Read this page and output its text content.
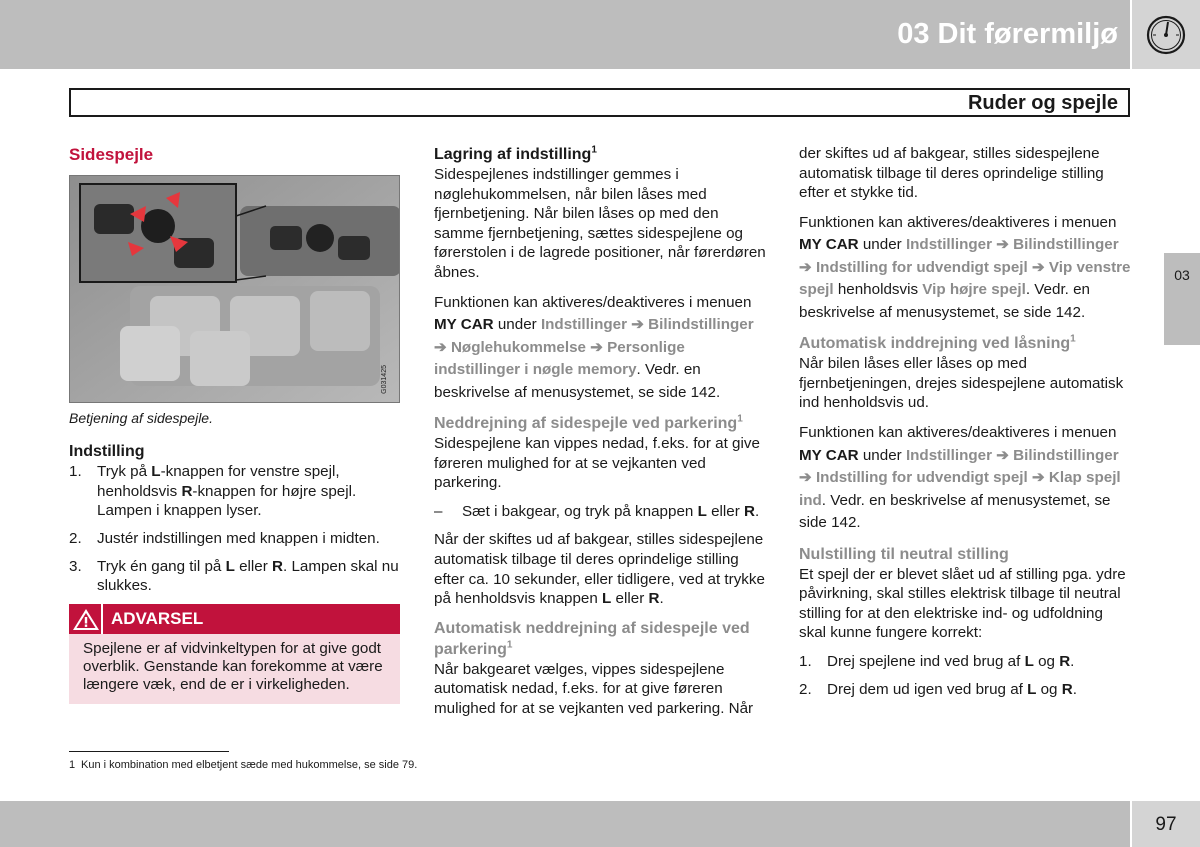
03 Dit førermiljø
Ruder og spejle
03
Sidespejle
G031425
Betjening af sidespejle.
Indstilling
1. Tryk på L-knappen for venstre spejl, henholdsvis R-knappen for højre spejl. Lampen i knappen lyser.
2. Justér indstillingen med knappen i midten.
3. Tryk én gang til på L eller R. Lampen skal nu slukkes.
ADVARSEL
Spejlene er af vidvinkeltypen for at give godt overblik. Genstande kan forekomme at være længere væk, end de er i virkeligheden.
Lagring af indstilling$^1$

Sidespejlenes indstillinger gemmes i nøglehukommelsen, når bilen låses med fjernbetjening. Når bilen låses op med den samme fjernbetjening, sættes sidespejlene og førerstolen i de lagrede positioner, når førerdøren åbnes.

Funktionen kan aktiveres/deaktiveres i menuen MY CAR under Indstillinger ➔ Bilindstillinger ➔ Nøglehukommelse ➔ Personlige indstillinger i nøgle memory. Vedr. en beskrivelse af menusystemet, se side 142.

Neddrejning af sidespejle ved parkering$^1$

Sidespejlene kan vippes nedad, f.eks. for at give føreren mulighed for at se vejkanten ved parkering.

– Sæt i bakgear, og tryk på knappen L eller R.

Når der skiftes ud af bakgear, stilles sidespejlene automatisk tilbage til deres oprindelige stilling efter ca. 10 sekunder, eller tidligere, ved at trykke på henholdsvis knappen L eller R.

Automatisk neddrejning af sidespejle ved parkering$^1$

Når bakgearet vælges, vippes sidespejlene automatisk nedad, f.eks. for at give føreren mulighed for at se vejkanten ved parkering. Når

der skiftes ud af bakgear, stilles sidespejlene automatisk tilbage til deres oprindelige stilling efter et stykke tid.

Funktionen kan aktiveres/deaktiveres i menuen MY CAR under Indstillinger ➔ Bilindstillinger ➔ Indstilling for udvendigt spejl ➔ Vip venstre spejl henholdsvis Vip højre spejl. Vedr. en beskrivelse af menusystemet, se side 142.

Automatisk inddrejning ved låsning$^1$

Når bilen låses eller låses op med fjernbetjeningen, drejes sidespejlene automatisk ind henholdsvis ud.

Funktionen kan aktiveres/deaktiveres i menuen MY CAR under Indstillinger ➔ Bilindstillinger ➔ Indstilling for udvendigt spejl ➔ Klap spejl ind. Vedr. en beskrivelse af menusystemet, se side 142.

Nulstilling til neutral stilling

Et spejl der er blevet slået ud af stilling pga. ydre påvirkning, skal stilles elektrisk tilbage til neutral stilling for at den elektriske ind- og udfoldning skal kunne fungere korrekt:

1. Drej spejlene ind ved brug af L og R.
2. Drej dem ud igen ved brug af L og R.
1 Kun i kombination med elbetjent sæde med hukommelse, se side 79.
97
